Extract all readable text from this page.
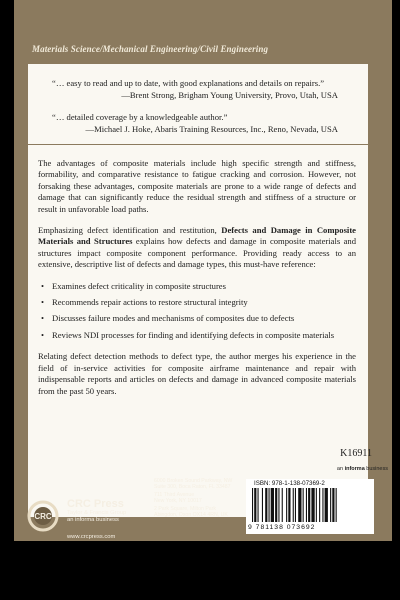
Materials Science/Mechanical Engineering/Civil Engineering
“… easy to read and up to date, with good explanations and details on repairs.”
—Brent Strong, Brigham Young University, Provo, Utah, USA
“… detailed coverage by a knowledgeable author.”
—Michael J. Hoke, Abaris Training Resources, Inc., Reno, Nevada, USA

The advantages of composite materials include high specific strength and stiffness, formability, and comparative resistance to fatigue cracking and corrosion. However, not forsaking these advantages, composite materials are prone to a wide range of defects and damage that can significantly reduce the residual strength and stiffness of a structure or result in unfavorable load paths.

Emphasizing defect identification and restitution, Defects and Damage in Composite Materials and Structures explains how defects and damage in composite materials and structures impact composite component performance. Providing ready access to an extensive, descriptive list of defects and damage types, this must-have reference:

• Examines defect criticality in composite structures
• Recommends repair actions to restore structural integrity
• Discusses failure modes and mechanisms of composites due to defects
• Reviews NDI processes for finding and identifying defects in composite materials

Relating defect detection methods to defect type, the author merges his experience in the field of in-service activities for composite airframe maintenance and repair with indispensable reports and articles on defects and damage in advanced composite materials from the past 50 years.

K16911
an informa business
CRC
CRC Press
Taylor & Francis Group
an informa business
www.crcpress.com
6000 Broken Sound Parkway, NW
Suite 300, Boca Raton, FL 33487
711 Third Avenue
New York, NY 10017
2 Park Square, Milton Park
Abingdon, Oxon OX14 4RN, UK
ISBN: 978-1-138-07369-2
9 781138 073692
